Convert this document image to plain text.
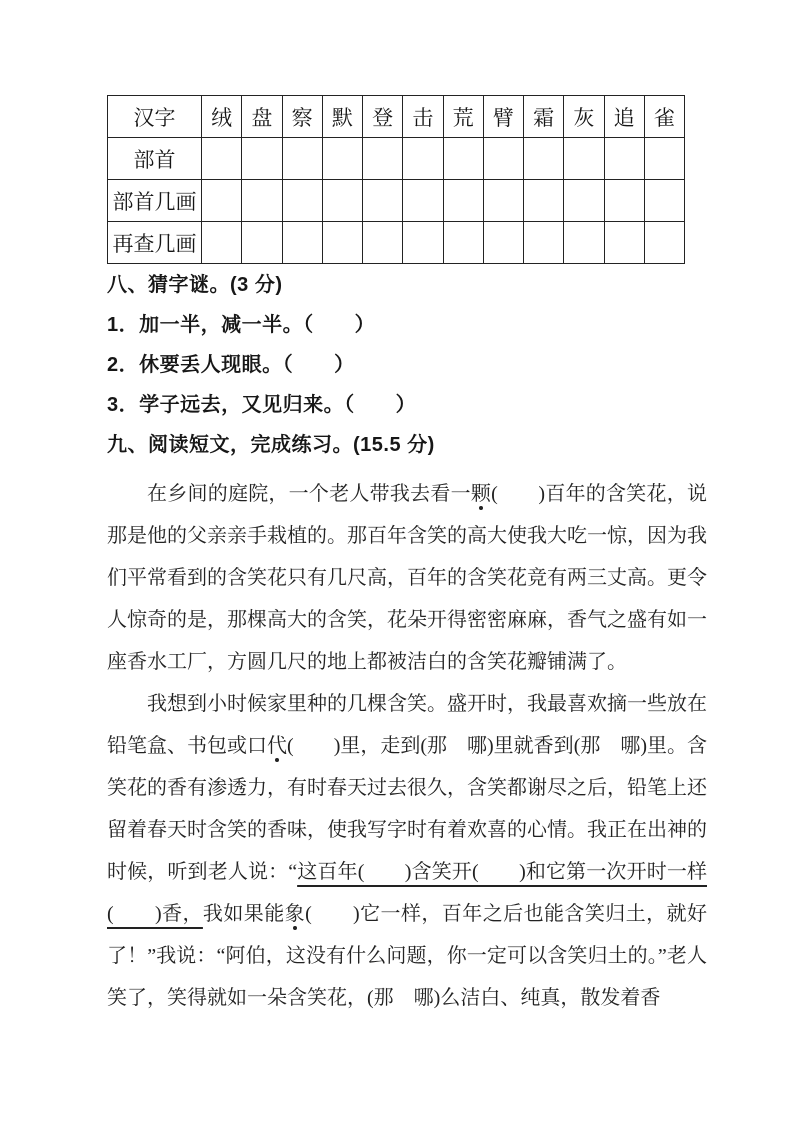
汉字	绒	盘	察	默	登	击	荒	臂	霜	灰	追	雀
部首												
部首几画												
再查几画												
八、猜字谜。(3 分)
1．加一半，减一半。（　　）
2．休要丢人现眼。（　　）
3．学子远去，又见归来。（　　）
九、阅读短文，完成练习。(15.5 分)

在乡间的庭院，一个老人带我去看一颗(　　)百年的含笑花，说那是他的父亲亲手栽植的。那百年含笑的高大使我大吃一惊，因为我们平常看到的含笑花只有几尺高，百年的含笑花竞有两三丈高。更令人惊奇的是，那棵高大的含笑，花朵开得密密麻麻，香气之盛有如一座香水工厂，方圆几尺的地上都被洁白的含笑花瓣铺满了。

我想到小时候家里种的几棵含笑。盛开时，我最喜欢摘一些放在铅笔盒、书包或口代(　　)里，走到(那　哪)里就香到(那　哪)里。含笑花的香有渗透力，有时春天过去很久，含笑都谢尽之后，铅笔上还留着春天时含笑的香味，使我写字时有着欢喜的心情。我正在出神的时候，听到老人说：“这百年(　　)含笑开(　　)和它第一次开时一样(　　)香，我如果能象(　　)它一样，百年之后也能含笑归土，就好了！”我说：“阿伯，这没有什么问题，你一定可以含笑归土的。”老人笑了，笑得就如一朵含笑花，(那　哪)么洁白、纯真，散发着香
